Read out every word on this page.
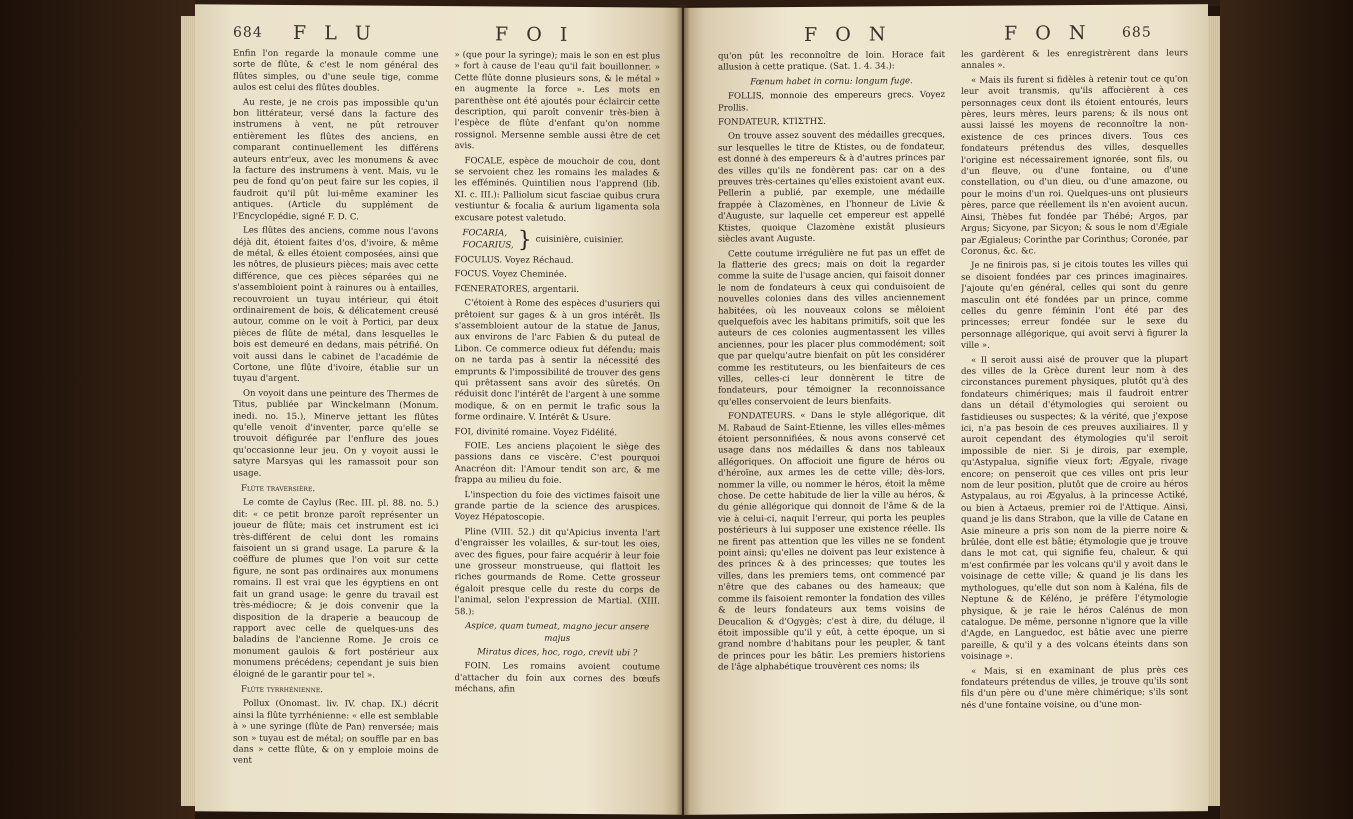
684 F L U	F O I

Enfin l'on regarde la monaule comme une sorte de flûte, & c'est le nom général des flûtes simples, ou d'une seule tige, comme aulos est celui des flûtes doubles.

Au reste, je ne crois pas impossible qu'un bon littérateur, versé dans la facture des instrumens à vent, ne pût retrouver entièrement les flûtes des anciens, en comparant continuellement les différens auteurs entr'eux, avec les monumens & avec la facture des instrumens à vent. Mais, vu le peu de fond qu'on peut faire sur les copies, il faudroit qu'il pût lui-même examiner les antiques. (Article du supplément de l'Encyclopédie, signé F. D. C.

Les flûtes des anciens, comme nous l'avons déjà dit, étoient faites d'os, d'ivoire, & même de métal, & elles étoient composées, ainsi que les nôtres, de plusieurs pièces; mais avec cette différence, que ces pièces séparées qui ne s'assembloient point à rainures ou à entailles, recouvroient un tuyau intérieur, qui étoit ordinairement de bois, & délicatement creusé autour, comme on le voit à Portici, par deux pièces de flûte de métal, dans lesquelles le bois est demeuré en dedans, mais pétrifié. On voit aussi dans le cabinet de l'académie de Cortone, une flûte d'ivoire, établie sur un tuyau d'argent.

On voyoit dans une peinture des Thermes de Titus, publiée par Winckelmann (Monum. inedi. no. 15.), Minerve jettant les flûtes qu'elle venoit d'inventer, parce qu'elle se trouvoit défigurée par l'enflure des joues qu'occasionne leur jeu. On y voyoit aussi le satyre Marsyas qui les ramassoit pour son usage.

Flûte traversière.

Le comte de Caylus (Rec. III. pl. 88. no. 5.) dit: « ce petit bronze paroît représenter un joueur de flûte; mais cet instrument est ici très-différent de celui dont les romains faisoient un si grand usage. La parure & la coëffure de plumes que l'on voit sur cette figure, ne sont pas ordinaires aux monumens romains. Il est vrai que les égyptiens en ont fait un grand usage: le genre du travail est très-médiocre; & je dois convenir que la disposition de la draperie a beaucoup de rapport avec celle de quelques-uns des baladins de l'ancienne Rome. Je crois ce monument gaulois & fort postérieur aux monumens précédens; cependant je suis bien éloigné de le garantir pour tel ».

Flûte tyrrhénienne.

Pollux (Onomast. liv. IV. chap. IX.) décrit ainsi la flûte tyrrhénienne: « elle est semblable à » une syringe (flûte de Pan) renversée; mais son » tuyau est de métal; on souffle par en bas dans » cette flûte, & on y emploie moins de vent

» (que pour la syringe); mais le son en est plus » fort à cause de l'eau qu'il fait bouillonner. » Cette flûte donne plusieurs sons, & le métal » en augmente la force ». Les mots en parenthèse ont été ajoutés pour éclaircir cette description, qui paroît convenir très-bien à l'espèce de flûte d'enfant qu'on nomme rossignol. Mersenne semble aussi être de cet avis.

FOCALE, espèce de mouchoir de cou, dont se servoient chez les romains les malades & les efféminés. Quintilien nous l'apprend (lib. XI. c. III.): Palliolum sicut fasciae quibus crura vestiuntur & focalia & aurium ligamenta sola excusare potest valetudo.

FOCARIA,
FOCARIUS, } cuisinière, cuisinier.

FOCULUS. Voyez Réchaud.

FOCUS. Voyez Cheminée.

FŒNERATORES, argentarii.

C'étoient à Rome des espèces d'usuriers qui prêtoient sur gages & à un gros intérêt. Ils s'assembloient autour de la statue de Janus, aux environs de l'arc Fabien & du puteal de Libon. Ce commerce odieux fut défendu; mais on ne tarda pas à sentir la nécessité des emprunts & l'impossibilité de trouver des gens qui prêtassent sans avoir des sûretés. On réduisit donc l'intérêt de l'argent à une somme modique, & on en permit le trafic sous la forme ordinaire. V. Intérêt & Usure.

FOI, divinité romaine. Voyez Fidélité.

FOIE. Les anciens plaçoient le siège des passions dans ce viscère. C'est pourquoi Anacréon dit: l'Amour tendit son arc, & me frappa au milieu du foie.

L'inspection du foie des victimes faisoit une grande partie de la science des aruspices. Voyez Hépatoscopie.

Pline (VIII. 52.) dit qu'Apicius inventa l'art d'engraisser les volailles, & sur-tout les oies, avec des figues, pour faire acquérir à leur foie une grosseur monstrueuse, qui flattoit les riches gourmands de Rome. Cette grosseur égaloit presque celle du reste du corps de l'animal, selon l'expression de Martial. (XIII. 58.):

Aspice, quam tumeat, magno jecur ansere majus

Miratus dices, hoc, rogo, crevit ubi ?

FOIN. Les romains avoient coutume d'attacher du foin aux cornes des bœufs méchans, afin

F O N	F O N 685

qu'on pût les reconnoître de loin. Horace fait allusion à cette pratique. (Sat. 1. 4. 34.):

Fœnum habet in cornu: longum fuge.

FOLLIS, monnoie des empereurs grecs. Voyez Prollis.

FONDATEUR, ΚΤΙΣΤΗΣ.

On trouve assez souvent des médailles grecques, sur lesquelles le titre de Ktistes, ou de fondateur, est donné à des empereurs & à d'autres princes par des villes qu'ils ne fondèrent pas: car on a des preuves très-certaines qu'elles existoient avant eux. Pellerin a publié, par exemple, une médaille frappée à Clazomènes, en l'honneur de Livie & d'Auguste, sur laquelle cet empereur est appellé Ktistes, quoique Clazomène existât plusieurs siècles avant Auguste.

Cette coutume irrégulière ne fut pas un effet de la flatterie des grecs; mais on doit la regarder comme la suite de l'usage ancien, qui faisoit donner le nom de fondateurs à ceux qui conduisoient de nouvelles colonies dans des villes anciennement habitées, où les nouveaux colons se mêloient quelquefois avec les habitans primitifs, soit que les auteurs de ces colonies augmentassent les villes anciennes, pour les placer plus commodément; soit que par quelqu'autre bienfait on pût les considérer comme les restituteurs, ou les bienfaiteurs de ces villes, celles-ci leur donnèrent le titre de fondateurs, pour témoigner la reconnoissance qu'elles conservoient de leurs bienfaits.

FONDATEURS. « Dans le style allégorique, dit M. Rabaud de Saint-Etienne, les villes elles-mêmes étoient personnifiées, & nous avons conservé cet usage dans nos médailles & dans nos tableaux allégoriques. On affocioit une figure de héros ou d'héroïne, aux armes les de cette ville; dès-lors, nommer la ville, ou nommer le héros, étoit la même chose. De cette habitude de lier la ville au héros, & du génie allégorique qui donnoit de l'âme & de la vie à celui-ci, naquit l'erreur, qui porta les peuples postérieurs à lui supposer une existence réelle. Ils ne firent pas attention que les villes ne se fondent point ainsi; qu'elles ne doivent pas leur existence à des princes & à des princesses; que toutes les villes, dans les premiers tems, ont commencé par n'être que des cabanes ou des hameaux; que comme ils faisoient remonter la fondation des villes & de leurs fondateurs aux tems voisins de Deucalion & d'Ogygès; c'est à dire, du déluge, il étoit impossible qu'il y eût, à cette époque, un si grand nombre d'habitans pour les peupler, & tant de princes pour les bâtir. Les premiers historiens de l'âge alphabétique trouvèrent ces noms; ils

les gardèrent & les enregistrèrent dans leurs annales ».

« Mais ils furent si fidèles à retenir tout ce qu'on leur avoit transmis, qu'ils affocièrent à ces personnages ceux dont ils étoient entourés, leurs pères, leurs mères, leurs parens; & ils nous ont aussi laissé les moyens de reconnoître la non-existence de ces princes divers. Tous ces fondateurs prétendus des villes, desquelles l'origine est nécessairement ignorée, sont fils, ou d'un fleuve, ou d'une fontaine, ou d'une constellation, ou d'un dieu, ou d'une amazone, ou pour le moins d'un roi. Quelques-uns ont plusieurs pères, parce que réellement ils n'en avoient aucun. Ainsi, Thèbes fut fondée par Thébé; Argos, par Argus; Sicyone, par Sicyon; & sous le nom d'Ægiale par Ægialeus; Corinthe par Corinthus; Coronée, par Coronus, &c. &c.

Je ne finirois pas, si je citois toutes les villes qui se disoient fondées par ces princes imaginaires. J'ajoute qu'en général, celles qui sont du genre masculin ont été fondées par un prince, comme celles du genre féminin l'ont été par des princesses; erreur fondée sur le sexe du personnage allégorique, qui avoit servi à figurer la ville ».

« Il seroit aussi aisé de prouver que la plupart des villes de la Grèce durent leur nom à des circonstances purement physiques, plutôt qu'à des fondateurs chimériques; mais il faudroit entrer dans un détail d'étymologies qui seroient ou fastidieuses ou suspectes; & la vérité, que j'expose ici, n'a pas besoin de ces preuves auxiliaires. Il y auroit cependant des étymologies qu'il seroit impossible de nier. Si je dirois, par exemple, qu'Astypalua, signifie vieux fort; Ægyale, rivage encore; on penseroit que ces villes ont pris leur nom de leur position, plutôt que de croire au héros Astypalaus, au roi Ægyalus, à la princesse Actiké, ou bien à Actaeus, premier roi de l'Attique. Ainsi, quand je lis dans Strabon, que la ville de Catane en Asie mineure a pris son nom de la pierre noire & brûlée, dont elle est bâtie; étymologie que je trouve dans le mot cat, qui signifie feu, chaleur, & qui m'est confirmée par les volcans qu'il y avoit dans le voisinage de cette ville; & quand je lis dans les mythologues, qu'elle dut son nom à Kaléna, fils de Neptune & de Kéléno, je préfère l'étymologie physique, & je raie le héros Calénus de mon catalogue. De même, personne n'ignore que la ville d'Agde, en Languedoc, est bâtie avec une pierre pareille, & qu'il y a des volcans éteints dans son voisinage ».

« Mais, si en examinant de plus près ces fondateurs prétendus de villes, je trouve qu'ils sont fils d'un père ou d'une mère chimérique; s'ils sont nés d'une fontaine voisine, ou d'une mon-
